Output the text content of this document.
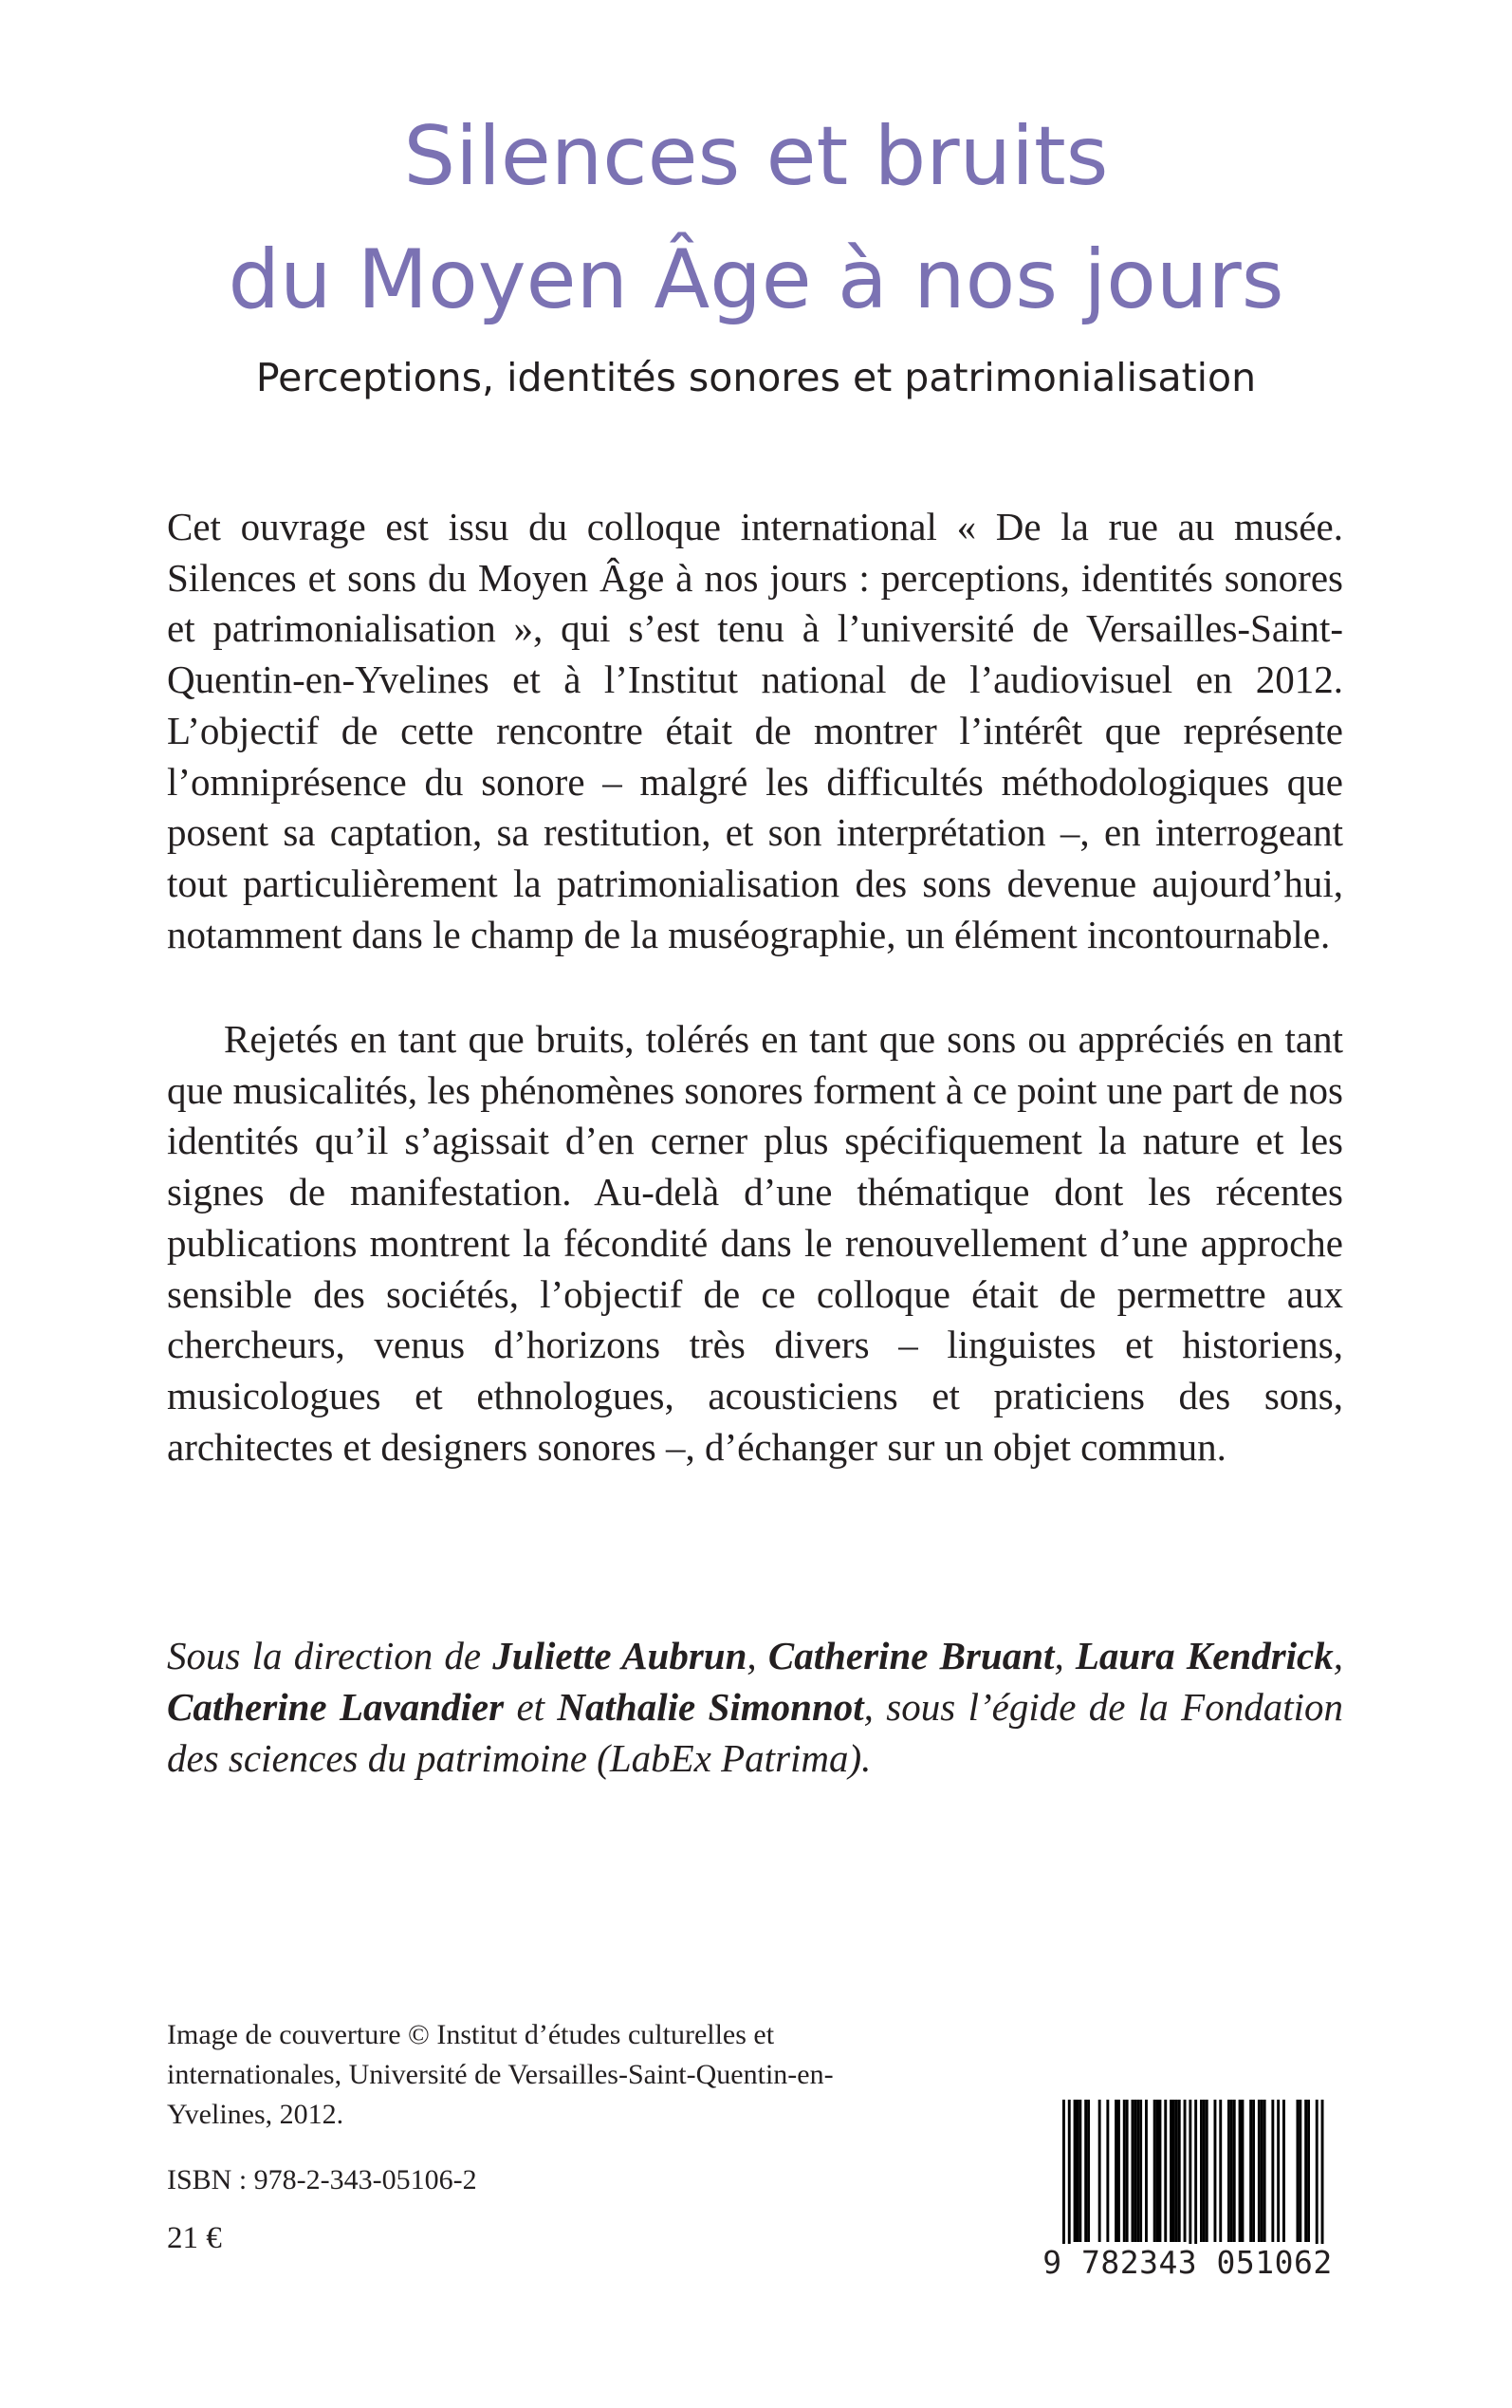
Silences et bruits
du Moyen Âge à nos jours
Perceptions, identités sonores et patrimonialisation

Cet ouvrage est issu du colloque international « De la rue au musée. Silences et sons du Moyen Âge à nos jours : perceptions, identités sonores et patrimonialisation », qui s’est tenu à l’université de Versailles-Saint-Quentin-en-Yvelines et à l’Institut national de l’audiovisuel en 2012. L’objectif de cette rencontre était de montrer l’intérêt que représente l’omniprésence du sonore – malgré les difficultés méthodologiques que posent sa captation, sa restitution, et son interprétation –, en interrogeant tout particulièrement la patrimonialisation des sons devenue aujourd’hui, notamment dans le champ de la muséographie, un élément incontournable.

Rejetés en tant que bruits, tolérés en tant que sons ou appréciés en tant que musicalités, les phénomènes sonores forment à ce point une part de nos identités qu’il s’agissait d’en cerner plus spécifiquement la nature et les signes de manifestation. Au-delà d’une thématique dont les récentes publications montrent la fécondité dans le renouvellement d’une approche sensible des sociétés, l’objectif de ce colloque était de permettre aux chercheurs, venus d’horizons très divers – linguistes et historiens, musicologues et ethnologues, acousticiens et praticiens des sons, architectes et designers sonores –, d’échanger sur un objet commun.

Sous la direction de Juliette Aubrun, Catherine Bruant, Laura Kendrick, Catherine Lavandier et Nathalie Simonnot, sous l’égide de la Fondation des sciences du patrimoine (LabEx Patrima).

Image de couverture © Institut d’études culturelles et internationales, Université de Versailles-Saint-Quentin-en-Yvelines, 2012.

ISBN : 978-2-343-05106-2

21 €

9 782343 051062
